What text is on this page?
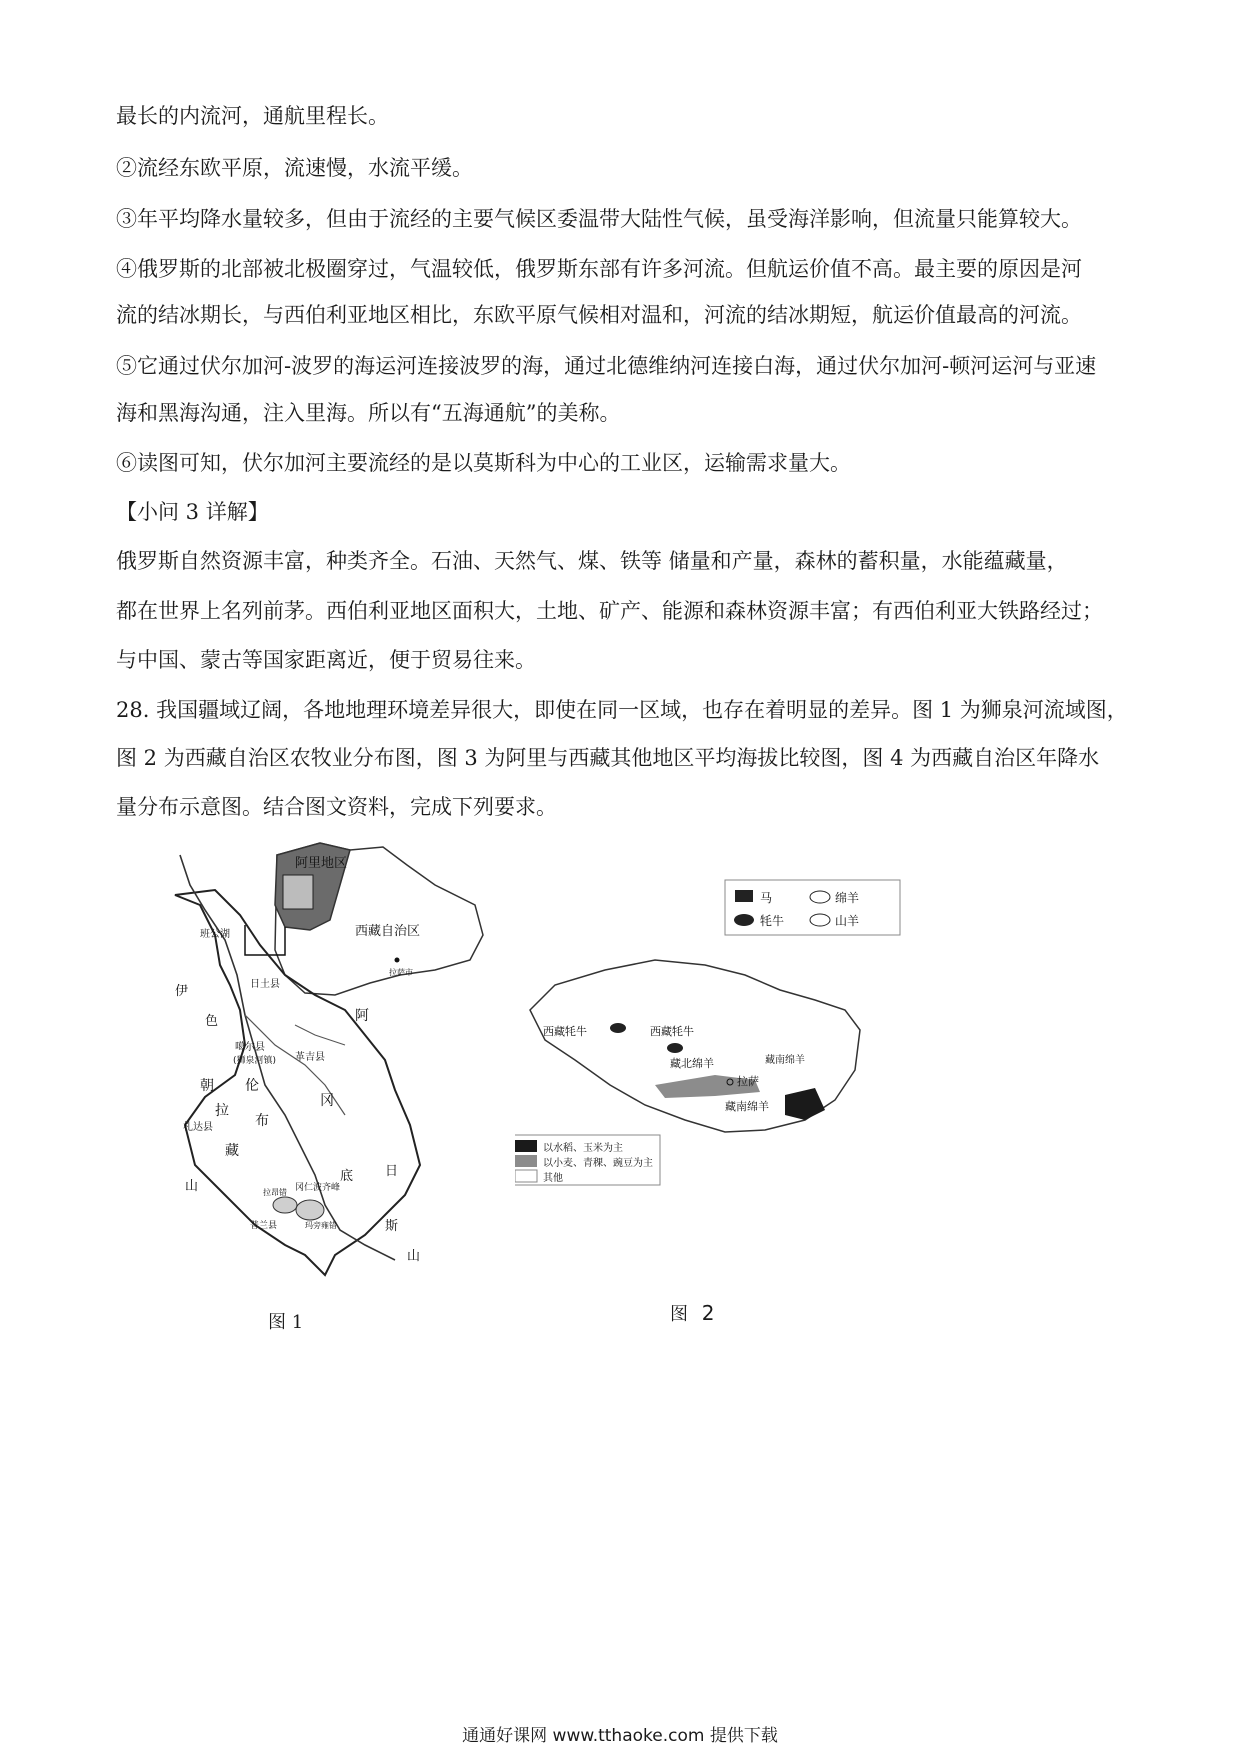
最长的内流河，通航里程长。
②流经东欧平原，流速慢，水流平缓。
③年平均降水量较多，但由于流经的主要气候区委温带大陆性气候，虽受海洋影响，但流量只能算较大。
④俄罗斯的北部被北极圈穿过，气温较低，俄罗斯东部有许多河流。但航运价值不高。最主要的原因是河
流的结冰期长，与西伯利亚地区相比，东欧平原气候相对温和，河流的结冰期短，航运价值最高的河流。
⑤它通过伏尔加河-波罗的海运河连接波罗的海，通过北德维纳河连接白海，通过伏尔加河-顿河运河与亚速
海和黑海沟通，注入里海。所以有“五海通航”的美称。
⑥读图可知，伏尔加河主要流经的是以莫斯科为中心的工业区，运输需求量大。
【小问 3 详解】
俄罗斯自然资源丰富，种类齐全。石油、天然气、煤、铁等 储量和产量，森林的蓄积量，水能蕴藏量，
都在世界上名列前茅。西伯利亚地区面积大，土地、矿产、能源和森林资源丰富；有西伯利亚大铁路经过；
与中国、蒙古等国家距离近，便于贸易往来。
28. 我国疆域辽阔，各地地理环境差异很大，即使在同一区域，也存在着明显的差异。图 1 为狮泉河流域图，
图 2 为西藏自治区农牧业分布图，图 3 为阿里与西藏其他地区平均海拔比较图，图 4 为西藏自治区年降水
量分布示意图。结合图文资料，完成下列要求。
阿里地区
西藏自治区
拉萨市
班公湖
日土县
噶尔县
(狮泉河镇) 革吉县
札达县
普兰县
冈仁波齐峰
拉昂错
玛旁雍错
阿
冈
底
斯
山
日
伦
布
藏
拉
朝
山
伊
色
图 1
马	绵羊
牦牛	山羊
西藏牦牛	西藏牦牛
藏北绵羊	藏南绵羊
藏南绵羊
拉萨
以水稻、玉米为主
以小麦、青稞、豌豆为主
其他
图 2
通通好课网 www.tthaoke.com 提供下载
